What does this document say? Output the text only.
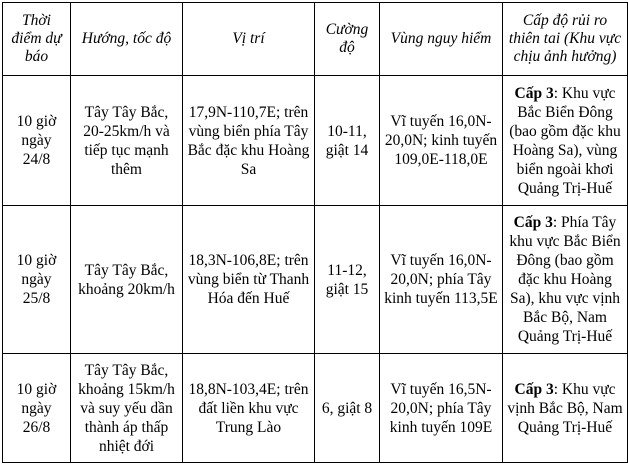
Thời điểm dự báo	Hướng, tốc độ	Vị trí	Cường độ	Vùng nguy hiểm	Cấp độ rủi ro thiên tai (Khu vực chịu ảnh hưởng)
10 giờ ngày 24/8	Tây Tây Bắc, 20-25km/h và tiếp tục mạnh thêm	17,9N-110,7E; trên vùng biển phía Tây Bắc đặc khu Hoàng Sa	10-11, giật 14	Vĩ tuyến 16,0N-20,0N; kinh tuyến 109,0E-118,0E	Cấp 3: Khu vực Bắc Biển Đông (bao gồm đặc khu Hoàng Sa), vùng biển ngoài khơi Quảng Trị-Huế
10 giờ ngày 25/8	Tây Tây Bắc, khoảng 20km/h	18,3N-106,8E; trên vùng biển từ Thanh Hóa đến Huế	11-12, giật 15	Vĩ tuyến 16,0N-20,0N; phía Tây kinh tuyến 113,5E	Cấp 3: Phía Tây khu vực Bắc Biển Đông (bao gồm đặc khu Hoàng Sa), khu vực vịnh Bắc Bộ, Nam Quảng Trị-Huế
10 giờ ngày 26/8	Tây Tây Bắc, khoảng 15km/h và suy yếu dần thành áp thấp nhiệt đới	18,8N-103,4E; trên đất liền khu vực Trung Lào	6, giật 8	Vĩ tuyến 16,5N-20,0N; phía Tây kinh tuyến 109E	Cấp 3: Khu vực vịnh Bắc Bộ, Nam Quảng Trị-Huế
